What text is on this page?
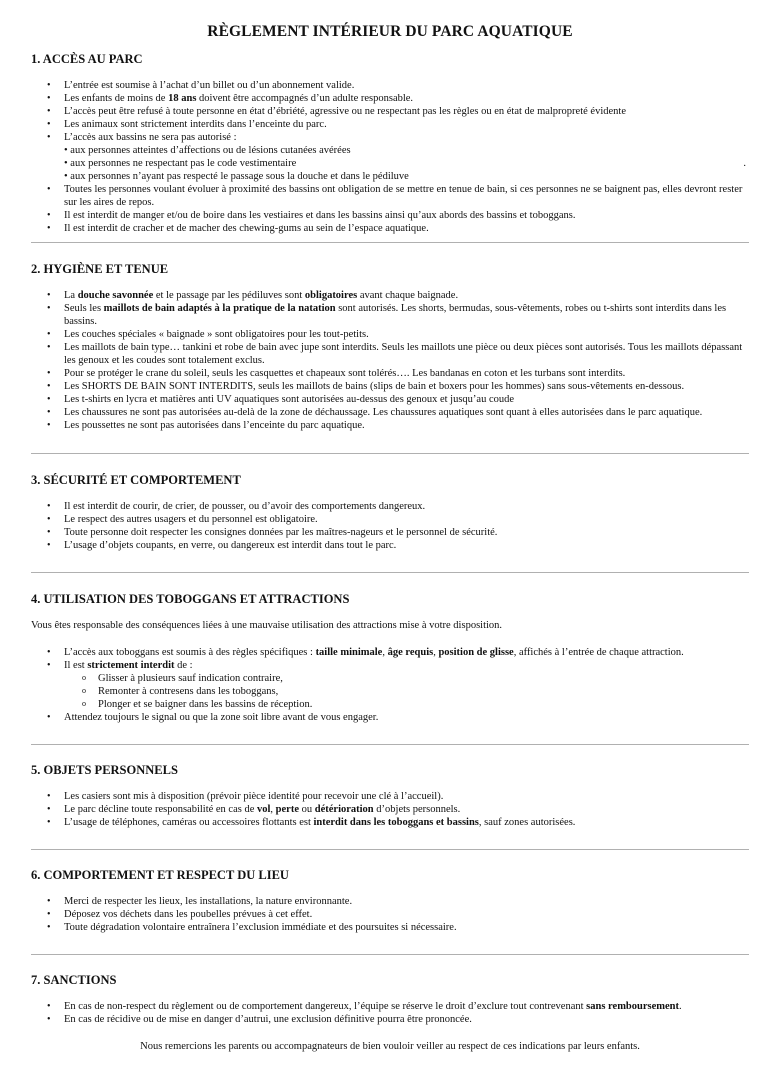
RÈGLEMENT INTÉRIEUR DU PARC AQUATIQUE
1. ACCÈS AU PARC
• L’entrée est soumise à l’achat d’un billet ou d’un abonnement valide.
• Les enfants de moins de 18 ans doivent être accompagnés d’un adulte responsable.
• L’accès peut être refusé à toute personne en état d’ébriété, agressive ou ne respectant pas les règles ou en état de malpropreté évidente
• Les animaux sont strictement interdits dans l’enceinte du parc.
• L’accès aux bassins ne sera pas autorisé :
• aux personnes atteintes d’affections ou de lésions cutanées avérées
• aux personnes ne respectant pas le code vestimentaire	.
• aux personnes n’ayant pas respecté le passage sous la douche et dans le pédiluve
• Toutes les personnes voulant évoluer à proximité des bassins ont obligation de se mettre en tenue de bain, si ces personnes ne se baignent pas, elles devront rester sur les aires de repos.
• Il est interdit de manger et/ou de boire dans les vestiaires et dans les bassins ainsi qu’aux abords des bassins et toboggans.
• Il est interdit de cracher et de macher des chewing-gums au sein de l’espace aquatique.
2. HYGIÈNE ET TENUE
• La douche savonnée et le passage par les pédiluves sont obligatoires avant chaque baignade.
• Seuls les maillots de bain adaptés à la pratique de la natation sont autorisés. Les shorts, bermudas, sous-vêtements, robes ou t-shirts sont interdits dans les bassins.
• Les couches spéciales « baignade » sont obligatoires pour les tout-petits.
• Les maillots de bain type… tankini et robe de bain avec jupe sont interdits. Seuls les maillots une pièce ou deux pièces sont autorisés. Tous les maillots dépassant les genoux et les coudes sont totalement exclus.
• Pour se protéger le crane du soleil, seuls les casquettes et chapeaux sont tolérés…. Les bandanas en coton et les turbans sont interdits.
• Les SHORTS DE BAIN SONT INTERDITS, seuls les maillots de bains (slips de bain et boxers pour les hommes) sans sous-vêtements en-dessous.
• Les t-shirts en lycra et matières anti UV aquatiques sont autorisées au-dessus des genoux et jusqu’au coude
• Les chaussures ne sont pas autorisées au-delà de la zone de déchaussage. Les chaussures aquatiques sont quant à elles autorisées dans le parc aquatique.
• Les poussettes ne sont pas autorisées dans l’enceinte du parc aquatique.
3. SÉCURITÉ ET COMPORTEMENT
• Il est interdit de courir, de crier, de pousser, ou d’avoir des comportements dangereux.
• Le respect des autres usagers et du personnel est obligatoire.
• Toute personne doit respecter les consignes données par les maîtres-nageurs et le personnel de sécurité.
• L’usage d’objets coupants, en verre, ou dangereux est interdit dans tout le parc.
4. UTILISATION DES TOBOGGANS ET ATTRACTIONS

Vous êtes responsable des conséquences liées à une mauvaise utilisation des attractions mise à votre disposition.

• L’accès aux toboggans est soumis à des règles spécifiques : taille minimale, âge requis, position de glisse, affichés à l’entrée de chaque attraction.
• Il est strictement interdit de :
o Glisser à plusieurs sauf indication contraire,
o Remonter à contresens dans les toboggans,
o Plonger et se baigner dans les bassins de réception.
• Attendez toujours le signal ou que la zone soit libre avant de vous engager.
5. OBJETS PERSONNELS
• Les casiers sont mis à disposition (prévoir pièce identité pour recevoir une clé à l’accueil).
• Le parc décline toute responsabilité en cas de vol, perte ou détérioration d’objets personnels.
• L’usage de téléphones, caméras ou accessoires flottants est interdit dans les toboggans et bassins, sauf zones autorisées.
6. COMPORTEMENT ET RESPECT DU LIEU
• Merci de respecter les lieux, les installations, la nature environnante.
• Déposez vos déchets dans les poubelles prévues à cet effet.
• Toute dégradation volontaire entraînera l’exclusion immédiate et des poursuites si nécessaire.
7. SANCTIONS
• En cas de non-respect du règlement ou de comportement dangereux, l’équipe se réserve le droit d’exclure tout contrevenant sans remboursement.
• En cas de récidive ou de mise en danger d’autrui, une exclusion définitive pourra être prononcée.

Nous remercions les parents ou accompagnateurs de bien vouloir veiller au respect de ces indications par leurs enfants.
